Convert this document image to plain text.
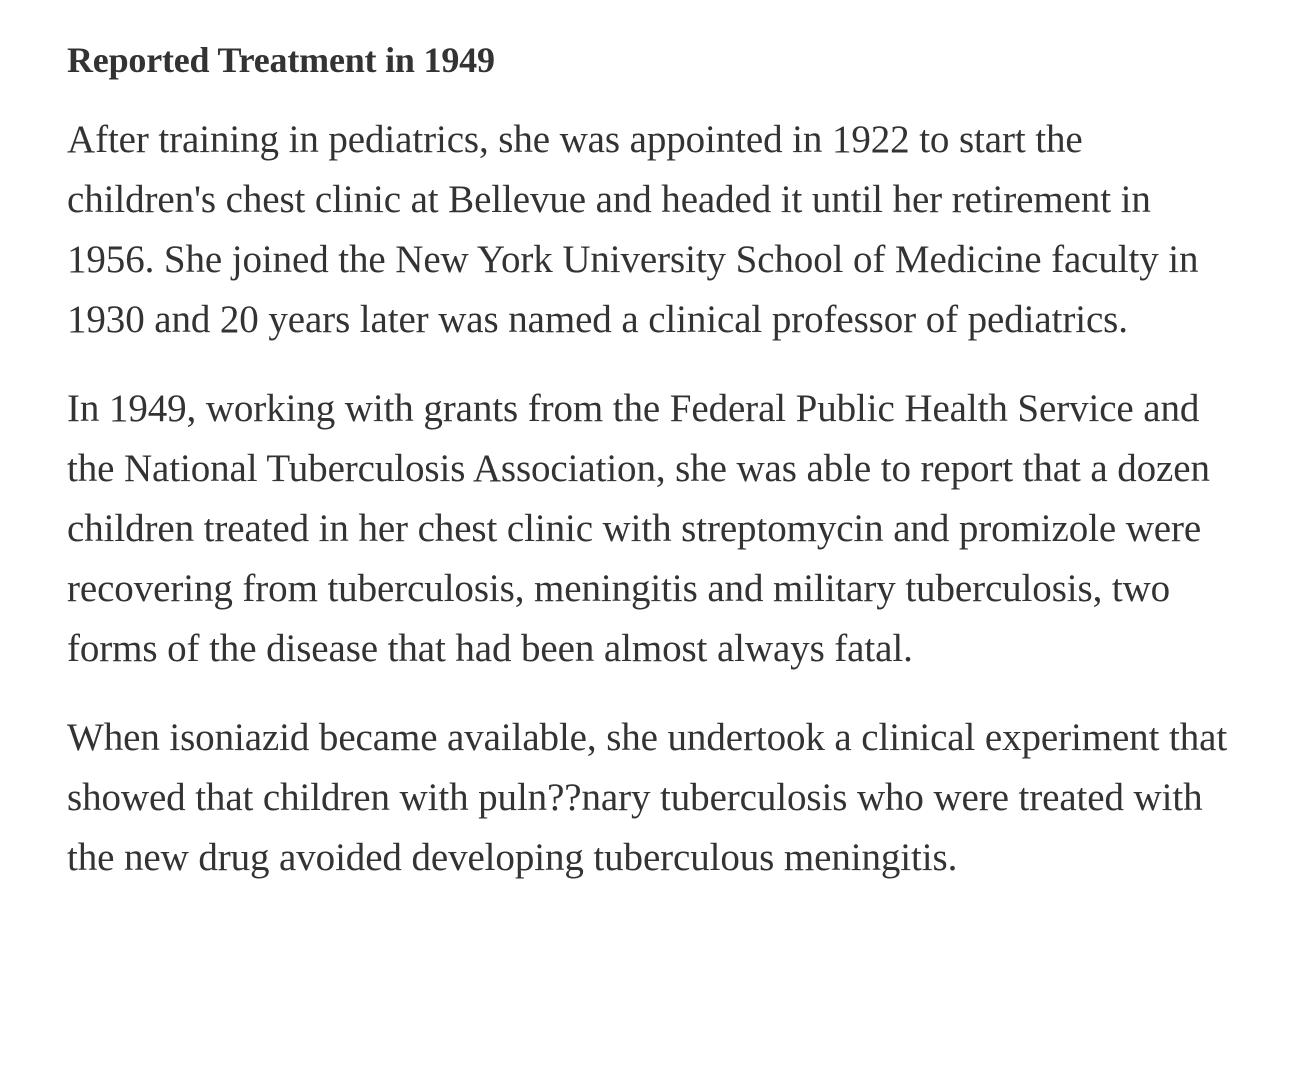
Reported Treatment in 1949

After training in pediatrics, she was appointed in 1922 to start the children's chest clinic at Bellevue and headed it until her retirement in 1956. She joined the New York University School of Medicine faculty in 1930 and 20 years later was named a clinical professor of pediatrics.

In 1949, working with grants from the Federal Public Health Service and the National Tuberculosis Association, she was able to report that a dozen children treated in her chest clinic with streptomycin and promizole were recovering from tuberculosis, meningitis and military tuberculosis, two forms of the disease that had been almost always fatal.

When isoniazid became available, she undertook a clinical experiment that showed that children with puln??nary tuberculosis who were treated with the new drug avoided developing tuberculous meningitis.
